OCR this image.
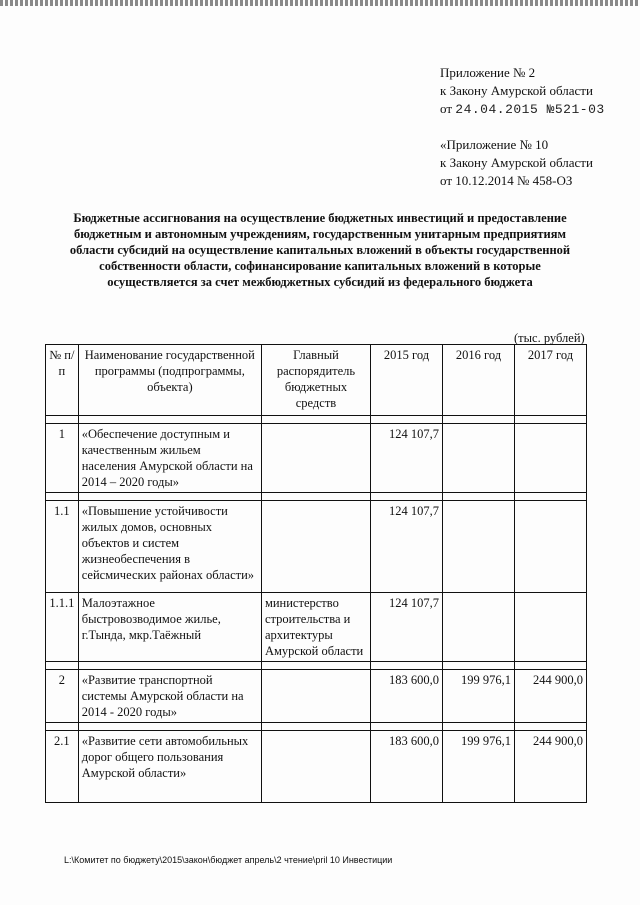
Приложение № 2
к Закону Амурской области
от 24.04.2015 №521-03
«Приложение № 10
к Закону Амурской области
от 10.12.2014 № 458-ОЗ
Бюджетные ассигнования на осуществление бюджетных инвестиций и предоставление бюджетным и автономным учреждениям, государственным унитарным предприятиям области субсидий на осуществление капитальных вложений в объекты государственной собственности области, софинансирование капитальных вложений в которые осуществляется за счет межбюджетных субсидий из федерального бюджета
(тыс. рублей)
№ п/п	Наименование государственной программы (подпрограммы, объекта)	Главный распорядитель бюджетных средств	2015 год	2016 год	2017 год

1	«Обеспечение доступным и качественным жильем населения Амурской области на 2014 – 2020 годы»		124 107,7		

1.1	«Повышение устойчивости жилых домов, основных объектов и систем жизнеобеспечения в сейсмических районах области»		124 107,7		
1.1.1	Малоэтажное быстровозводимое жилье, г.Тында, мкр.Таёжный	министерство строительства и архитектуры Амурской области	124 107,7		

2	«Развитие транспортной системы Амурской области на 2014 - 2020 годы»		183 600,0	199 976,1	244 900,0

2.1	«Развитие сети автомобильных дорог общего пользования Амурской области»		183 600,0	199 976,1	244 900,0
L:\Комитет по бюджету\2015\закон\бюджет апрель\2 чтение\pril 10 Инвестиции
